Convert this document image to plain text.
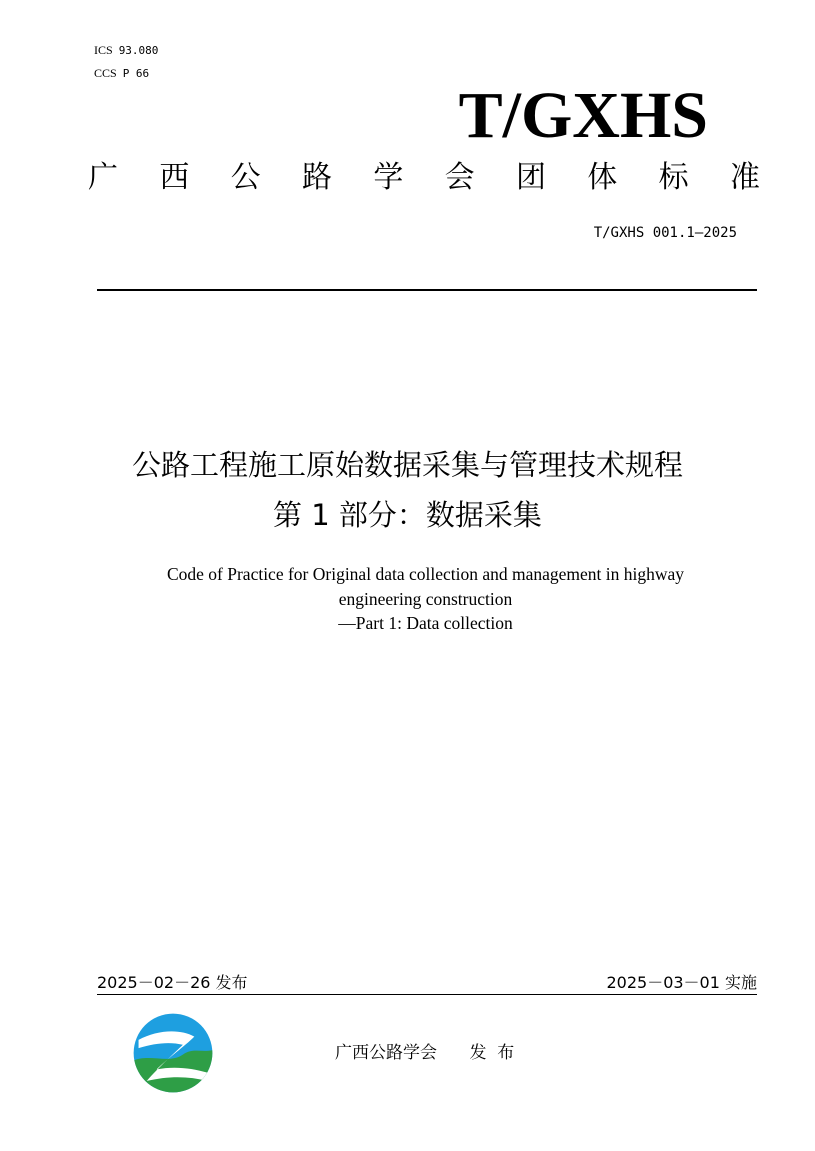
ICS 93.080
CCS P 66
T/GXHS
广 西 公 路 学 会 团 体 标 准
T/GXHS 001.1—2025
公路工程施工原始数据采集与管理技术规程
第 1 部分：数据采集
Code of Practice for Original data collection and management in highway
engineering construction
—Part 1: Data collection
2025－02－26 发布	2025－03－01 实施
广西公路学会 发  布
